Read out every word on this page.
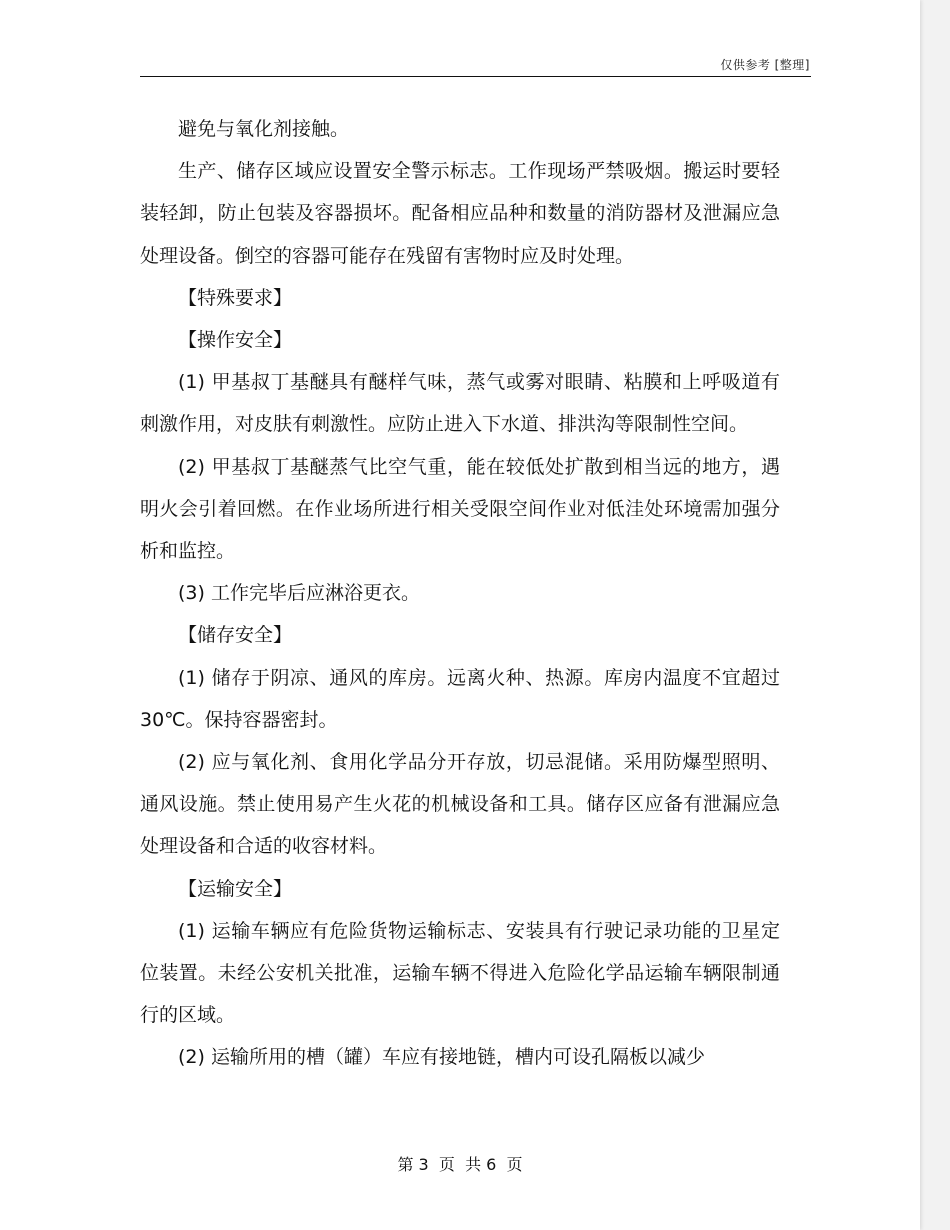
仅供参考 [整理]

避免与氧化剂接触。

生产、储存区域应设置安全警示标志。工作现场严禁吸烟。搬运时要轻装轻卸，防止包装及容器损坏。配备相应品种和数量的消防器材及泄漏应急处理设备。倒空的容器可能存在残留有害物时应及时处理。

【特殊要求】

【操作安全】

(1) 甲基叔丁基醚具有醚样气味，蒸气或雾对眼睛、粘膜和上呼吸道有刺激作用，对皮肤有刺激性。应防止进入下水道、排洪沟等限制性空间。

(2) 甲基叔丁基醚蒸气比空气重，能在较低处扩散到相当远的地方，遇明火会引着回燃。在作业场所进行相关受限空间作业对低洼处环境需加强分析和监控。

(3) 工作完毕后应淋浴更衣。

【储存安全】

(1) 储存于阴凉、通风的库房。远离火种、热源。库房内温度不宜超过 30℃。保持容器密封。

(2) 应与氧化剂、食用化学品分开存放，切忌混储。采用防爆型照明、通风设施。禁止使用易产生火花的机械设备和工具。储存区应备有泄漏应急处理设备和合适的收容材料。

【运输安全】

(1) 运输车辆应有危险货物运输标志、安装具有行驶记录功能的卫星定位装置。未经公安机关批准，运输车辆不得进入危险化学品运输车辆限制通行的区域。

(2) 运输所用的槽（罐）车应有接地链，槽内可设孔隔板以减少

第 3  页  共 6  页
